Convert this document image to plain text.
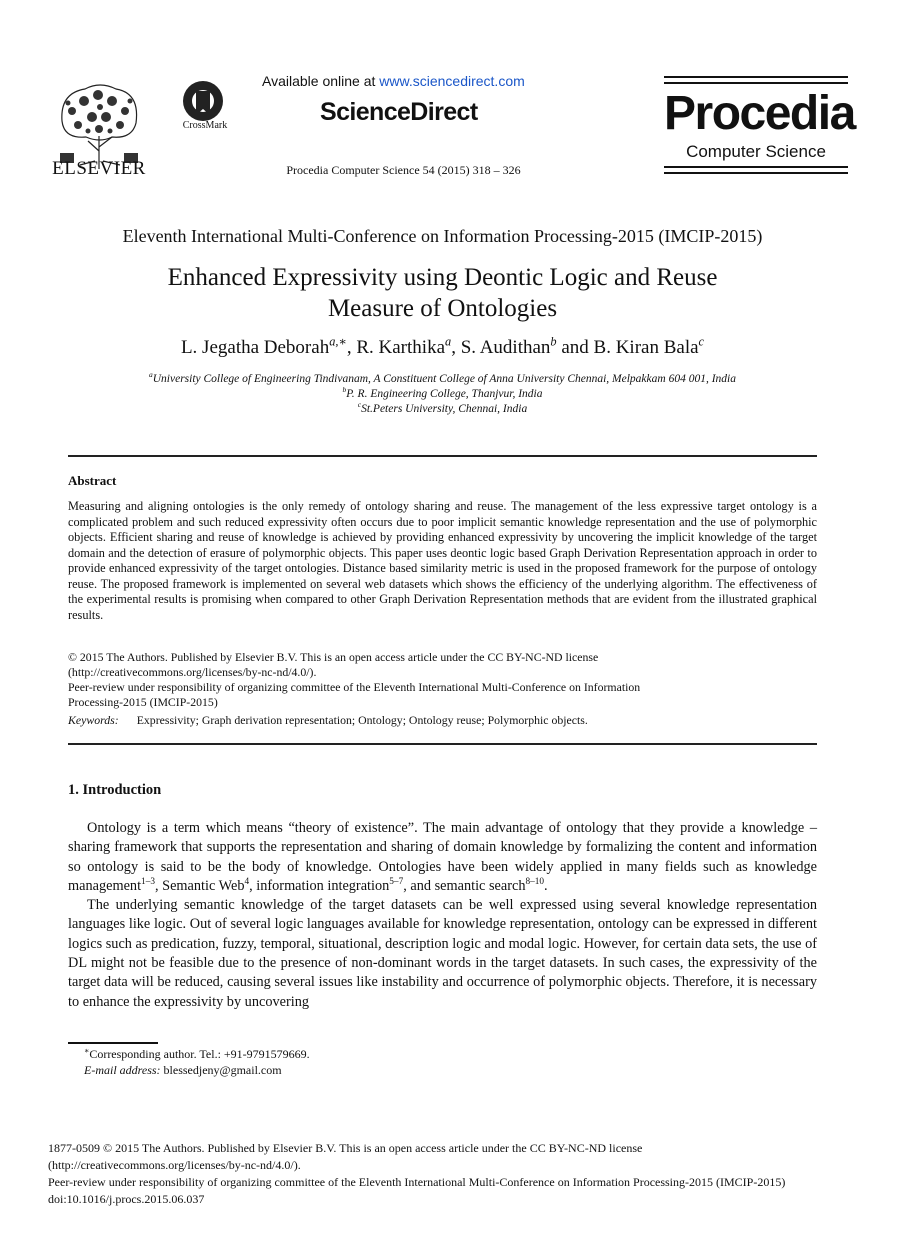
ELSEVIER
CrossMark
Available online at www.sciencedirect.com
ScienceDirect
Procedia Computer Science 54 (2015) 318 – 326
Procedia
Computer Science
Eleventh International Multi-Conference on Information Processing-2015 (IMCIP-2015)
Enhanced Expressivity using Deontic Logic and Reuse
Measure of Ontologies
L. Jegatha Deborah$^{a,∗}$, R. Karthika$^a$, S. Audithan$^b$ and B. Kiran Bala$^c$
$^a$University College of Engineering Tindivanam, A Constituent College of Anna University Chennai, Melpakkam 604 001, India
$^b$P. R. Engineering College, Thanjvur, India
$^c$St.Peters University, Chennai, India
Abstract
Measuring and aligning ontologies is the only remedy of ontology sharing and reuse. The management of the less expressive target ontology is a complicated problem and such reduced expressivity often occurs due to poor implicit semantic knowledge representation and the use of polymorphic objects. Efficient sharing and reuse of knowledge is achieved by providing enhanced expressivity by uncovering the implicit knowledge of the target domain and the detection of erasure of polymorphic objects. This paper uses deontic logic based Graph Derivation Representation approach in order to provide enhanced expressivity of the target ontologies. Distance based similarity metric is used in the proposed framework for the purpose of ontology reuse. The proposed framework is implemented on several web datasets which shows the efficiency of the underlying algorithm. The effectiveness of the experimental results is promising when compared to other Graph Derivation Representation methods that are evident from the illustrated graphical results.
© 2015 The Authors. Published by Elsevier B.V. This is an open access article under the CC BY-NC-ND license
(http://creativecommons.org/licenses/by-nc-nd/4.0/).
Peer-review under responsibility of organizing committee of the Eleventh International Multi-Conference on Information
Processing-2015 (IMCIP-2015)
Keywords: Expressivity; Graph derivation representation; Ontology; Ontology reuse; Polymorphic objects.
1. Introduction

Ontology is a term which means “theory of existence”. The main advantage of ontology that they provide a knowledge – sharing framework that supports the representation and sharing of domain knowledge by formalizing the content and information so ontology is said to be the body of knowledge. Ontologies have been widely applied in many fields such as knowledge management$^{1-3}$, Semantic Web$^4$, information integration$^{5-7}$, and semantic search$^{8-10}$.

The underlying semantic knowledge of the target datasets can be well expressed using several knowledge representation languages like logic. Out of several logic languages available for knowledge representation, ontology can be expressed in different logics such as predication, fuzzy, temporal, situational, description logic and modal logic. However, for certain data sets, the use of DL might not be feasible due to the presence of non-dominant words in the target datasets. In such cases, the expressivity of the target data will be reduced, causing several issues like instability and occurrence of polymorphic objects. Therefore, it is necessary to enhance the expressivity by uncovering

∗Corresponding author. Tel.: +91-9791579669.
E-mail address: blessedjeny@gmail.com
1877-0509 © 2015 The Authors. Published by Elsevier B.V. This is an open access article under the CC BY-NC-ND license
(http://creativecommons.org/licenses/by-nc-nd/4.0/).
Peer-review under responsibility of organizing committee of the Eleventh International Multi-Conference on Information Processing-2015 (IMCIP-2015)
doi:10.1016/j.procs.2015.06.037
